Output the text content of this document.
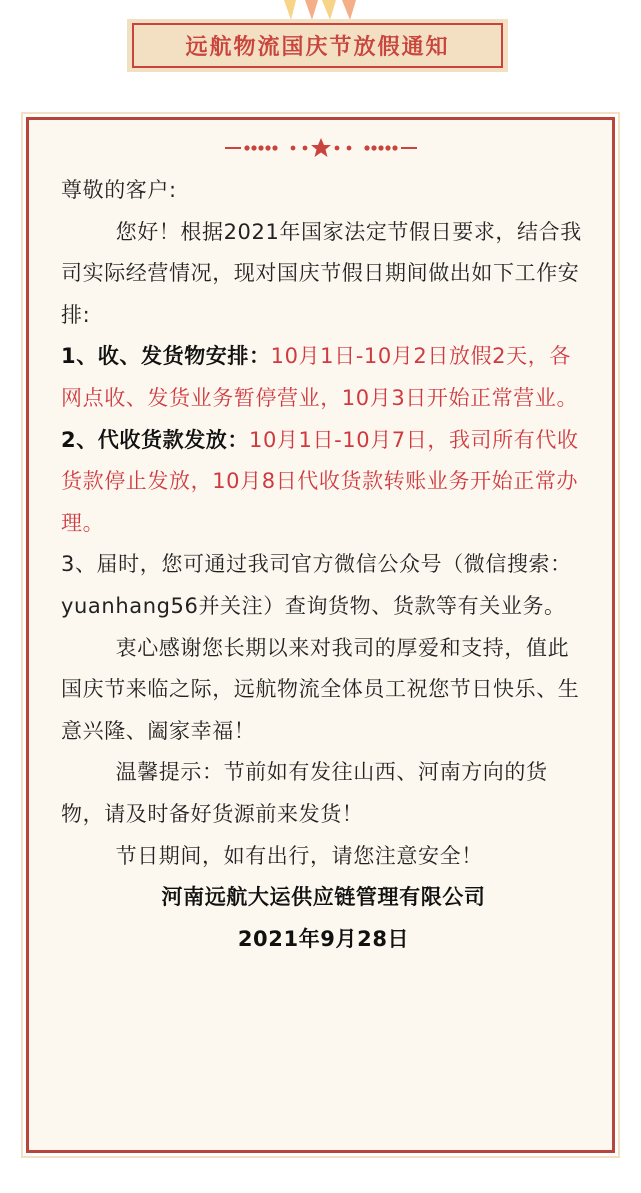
远航物流国庆节放假通知

尊敬的客户:

您好！根据2021年国家法定节假日要求，结合我司实际经营情况，现对国庆节假日期间做出如下工作安排:

1、收、发货物安排：10月1日-10月2日放假2天，各网点收、发货业务暂停营业，10月3日开始正常营业。

2、代收货款发放：10月1日-10月7日，我司所有代收货款停止发放，10月8日代收货款转账业务开始正常办理。

3、届时，您可通过我司官方微信公众号（微信搜索：yuanhang56并关注）查询货物、货款等有关业务。

衷心感谢您长期以来对我司的厚爱和支持，值此国庆节来临之际，远航物流全体员工祝您节日快乐、生意兴隆、阖家幸福！

温馨提示：节前如有发往山西、河南方向的货物，请及时备好货源前来发货！

节日期间，如有出行，请您注意安全！

河南远航大运供应链管理有限公司

2021年9月28日
